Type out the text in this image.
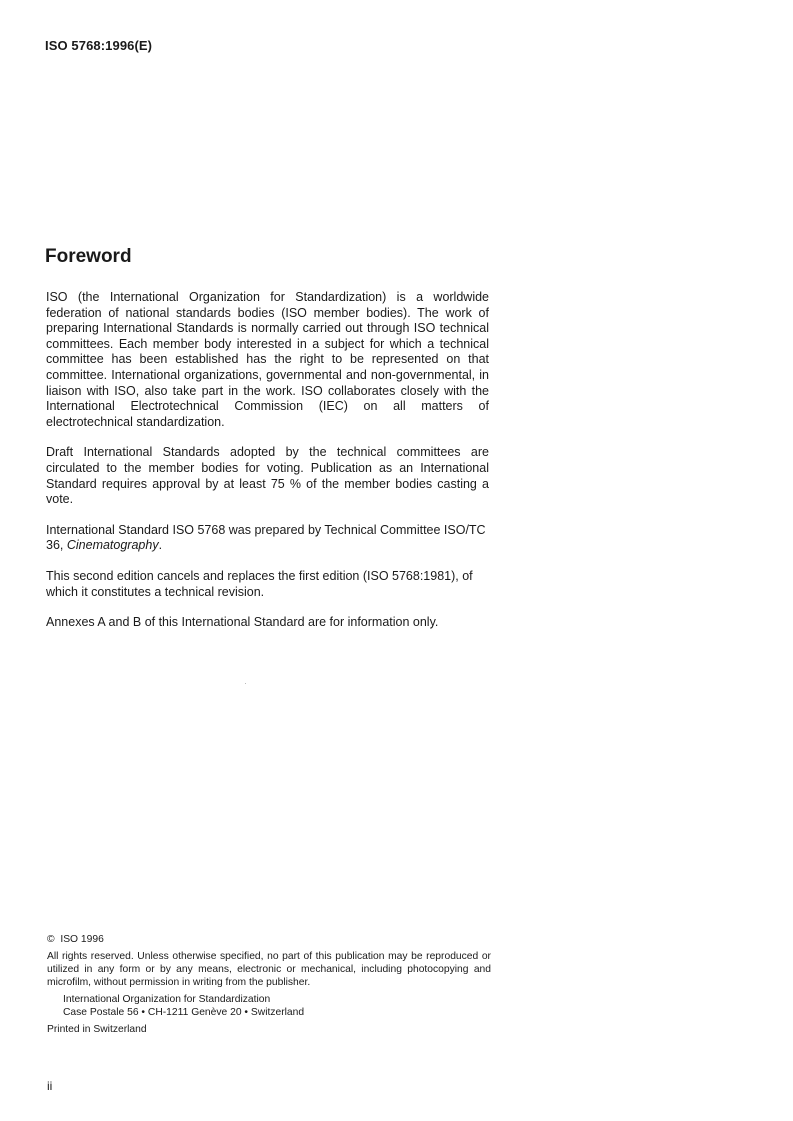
ISO 5768:1996(E)
Foreword

ISO (the International Organization for Standardization) is a worldwide federation of national standards bodies (ISO member bodies). The work of preparing International Standards is normally carried out through ISO technical committees. Each member body interested in a subject for which a technical committee has been established has the right to be represented on that committee. International organizations, governmental and non-governmental, in liaison with ISO, also take part in the work. ISO collaborates closely with the International Electrotechnical Commission (IEC) on all matters of electrotechnical standardization.

Draft International Standards adopted by the technical committees are circulated to the member bodies for voting. Publication as an International Standard requires approval by at least 75 % of the member bodies casting a vote.

International Standard ISO 5768 was prepared by Technical Committee ISO/TC 36, Cinematography.

This second edition cancels and replaces the first edition (ISO 5768:1981), of which it constitutes a technical revision.

Annexes A and B of this International Standard are for information only.

© ISO 1996
All rights reserved. Unless otherwise specified, no part of this publication may be reproduced or utilized in any form or by any means, electronic or mechanical, including photocopying and microfilm, without permission in writing from the publisher.
International Organization for Standardization
Case Postale 56 • CH-1211 Genève 20 • Switzerland
Printed in Switzerland
ii
